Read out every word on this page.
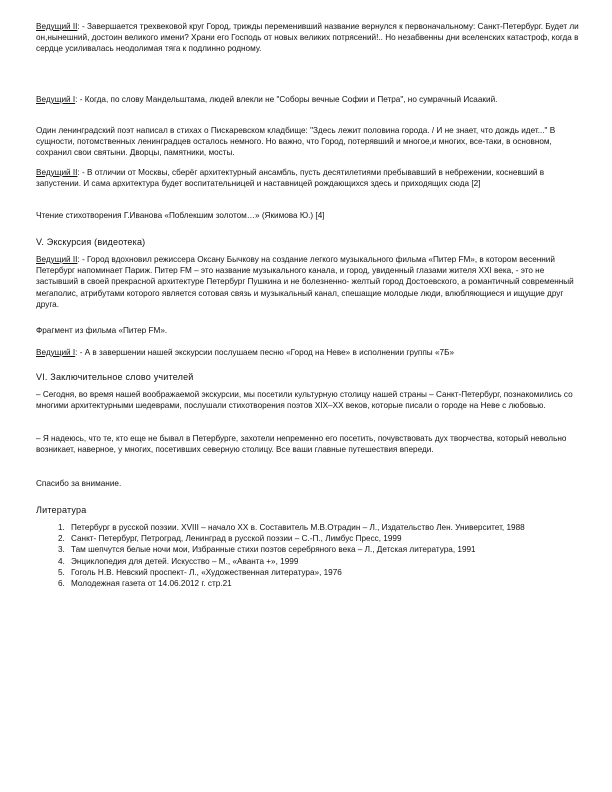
Ведущий II: - Завершается трехвековой круг Город, трижды переменивший название вернулся к первоначальному: Санкт-Петербург. Будет ли он,нынешний, достоин великого имени? Храни его Господь от новых великих потрясений!.. Но незабвенны дни вселенских катастроф, когда в сердце усиливалась неодолимая тяга к подлинно родному.

Ведущий I: - Когда, по слову Мандельштама, людей влекли не "Соборы вечные Софии и Петра", но сумрачный Исаакий.

Один ленинградский поэт написал в стихах о Пискаревском кладбище: "Здесь лежит половина города. / И не знает, что дождь идет..." В сущности, потомственных ленинградцев осталось немного. Но важно, что Город, потерявший и многое,и многих, все-таки, в основном, сохранил свои святыни. Дворцы, памятники, мосты.

Ведущий II: - В отличии от Москвы, сберёг архитектурный ансамбль, пусть десятилетиями пребывавший в небрежении, косневший в запустении. И сама архитектура будет воспитательницей и наставницей рождающихся здесь и приходящих сюда [2]

Чтение стихотворения Г.Иванова «Поблекшим золотом…» (Якимова Ю.) [4]

V. Экскурсия (видеотека)

Ведущий II: - Город вдохновил режиссера Оксану Бычкову на создание легкого музыкального фильма «Питер FM», в котором весенний Петербург напоминает Париж. Питер FM – это название музыкального канала, и город, увиденный глазами жителя XXI века, - это не застывший в своей прекрасной архитектуре Петербург Пушкина и не болезненно- желтый город Достоевского, а романтичный современный мегаполис, атрибутами которого является сотовая связь и музыкальный канал, спешащие молодые люди, влюбляющиеся и ищущие друг друга.

Фрагмент из фильма «Питер FM».

Ведущий I: - А в завершении нашей экскурсии послушаем песню «Город на Неве» в исполнении группы «7Б»

VI. Заключительное слово учителей

– Сегодня, во время нашей воображаемой экскурсии, мы посетили культурную столицу нашей страны – Санкт-Петербург, познакомились со многими архитектурными шедеврами, послушали стихотворения поэтов XIX–XX веков, которые писали о городе на Неве с любовью.

– Я надеюсь, что те, кто еще не бывал в Петербурге, захотели непременно его посетить, почувствовать дух творчества, который невольно возникает, наверное, у многих, посетивших северную столицу. Все ваши главные путешествия впереди.

Спасибо за внимание.

Литература

1. Петербург в русской поэзии. XVIII – начало XX в. Составитель М.В.Отрадин – Л., Издательство Лен. Университет, 1988
2. Санкт- Петербург, Петроград, Ленинград в русской поэзии – С.-П., Лимбус Пресс, 1999
3. Там шепчутся белые ночи мои, Избранные стихи поэтов серебряного века – Л., Детская литература, 1991
4. Энциклопедия для детей. Искусство – М., «Аванта +», 1999
5. Гоголь Н.В. Невский проспект- Л., «Художественная литература», 1976
6. Молодежная газета от 14.06.2012 г. стр.21
